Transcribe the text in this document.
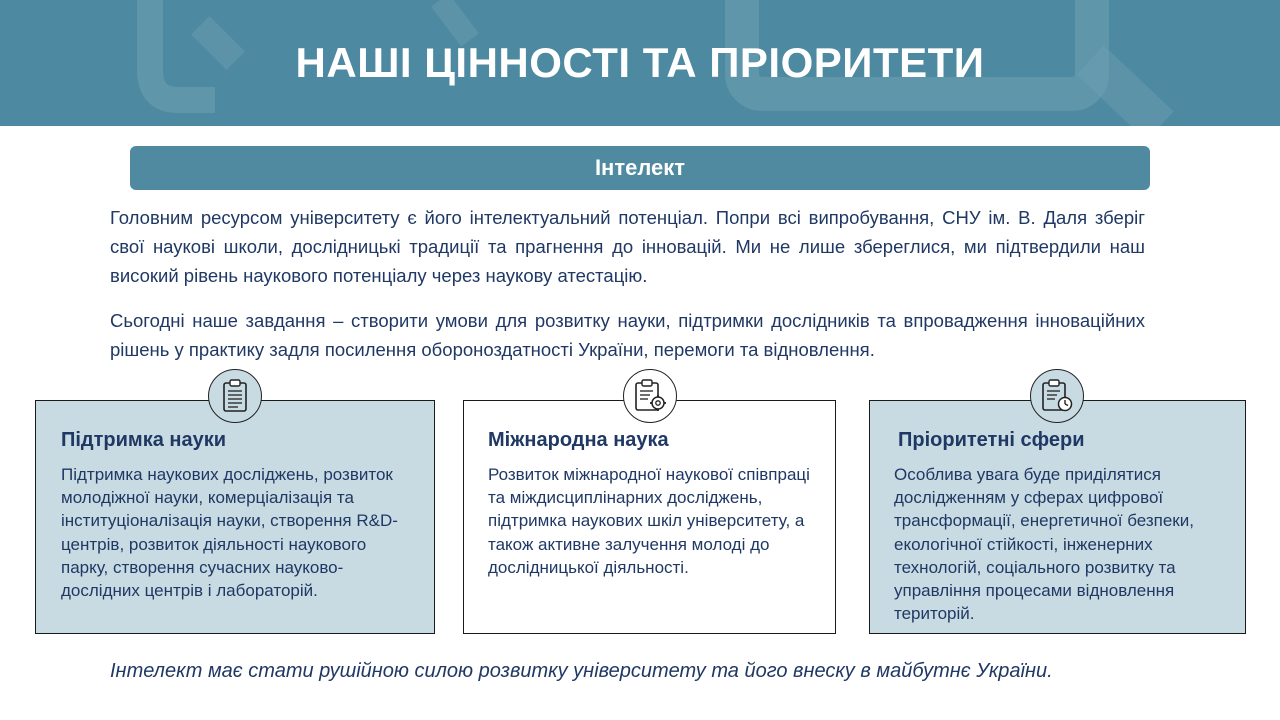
НАШІ ЦІННОСТІ ТА ПРІОРИТЕТИ
Інтелект

Головним ресурсом університету є його інтелектуальний потенціал. Попри всі випробування, СНУ ім. В. Даля зберіг свої наукові школи, дослідницькі традиції та прагнення до інновацій. Ми не лише збереглися, ми підтвердили наш високий рівень наукового потенціалу через наукову атестацію.

Сьогодні наше завдання – створити умови для розвитку науки, підтримки дослідників та впровадження інноваційних рішень у практику задля посилення обороноздатності України, перемоги та відновлення.

Підтримка науки
Підтримка наукових досліджень, розвиток молодіжної науки, комерціалізація та інституціоналізація науки, створення R&D-центрів, розвиток діяльності наукового парку, створення сучасних науково-дослідних центрів і лабораторій.
Міжнародна наука
Розвиток міжнародної наукової співпраці та міждисциплінарних досліджень, підтримка наукових шкіл університету, а також активне залучення молоді до дослідницької діяльності.
Пріоритетні сфери
Особлива увага буде приділятися дослідженням у сферах цифрової трансформації, енергетичної безпеки, екологічної стійкості, інженерних технологій, соціального розвитку та управління процесами відновлення територій.
Інтелект має стати рушійною силою розвитку університету та його внеску в майбутнє України.
